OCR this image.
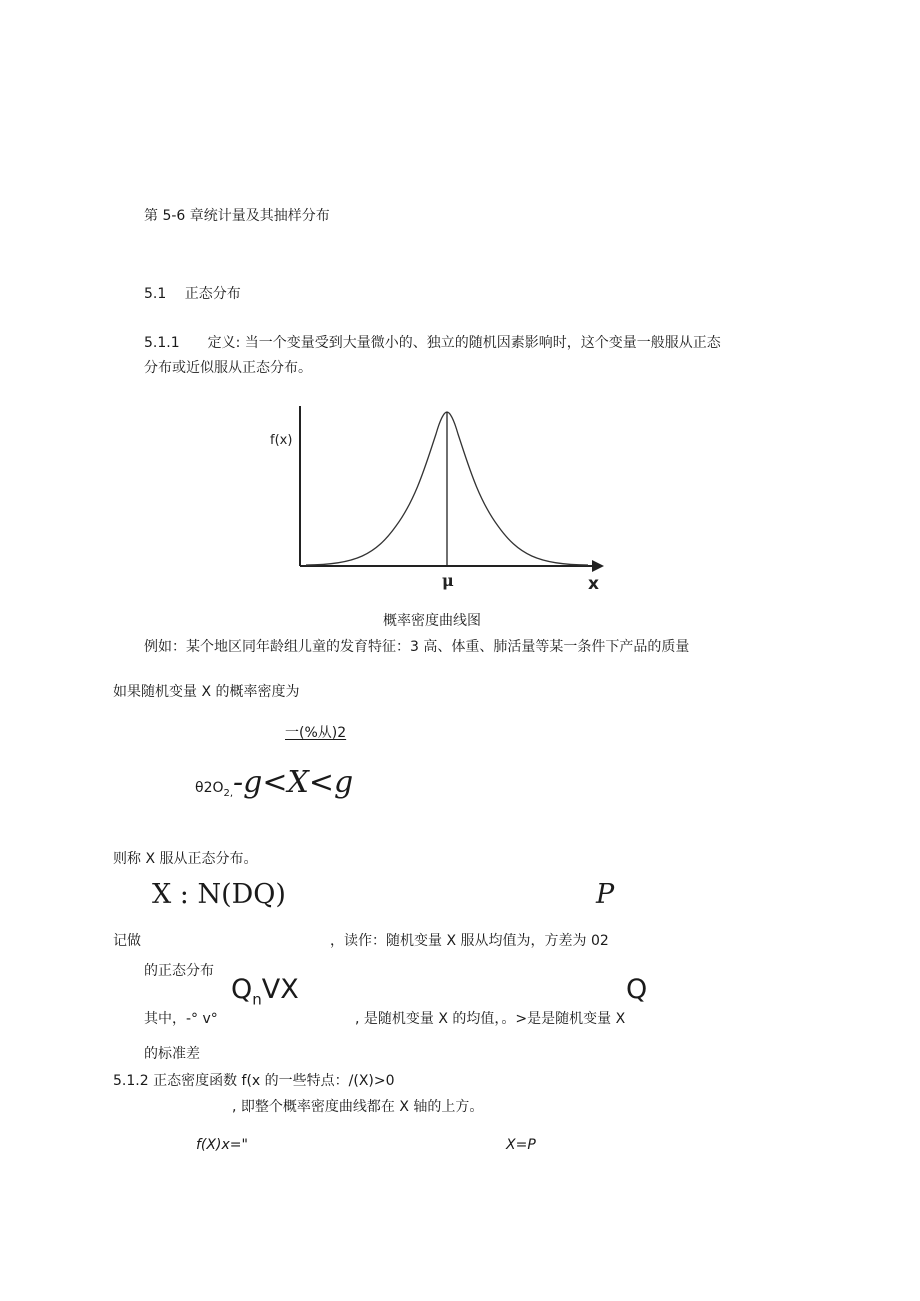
第 5-6 章统计量及其抽样分布
5.1　 正态分布
5.1.1　　定义: 当一个变量受到大量微小的、独立的随机因素影响时，这个变量一般服从正态
分布或近似服从正态分布。
f(x)
μ	x
概率密度曲线图
例如：某个地区同年龄组儿童的发育特征：3 高、体重、肺活量等某一条件下产品的质量
如果随机变量 X 的概率密度为
一(%从)2
$\theta 2O_{2,}-g<X<g$
则称 X 服从正态分布。
X : N(DQ)	P
记做	，读作：随机变量 X 服从均值为，方差为 02
的正态分布
$Q_nVX$	Q
其中，-° v°	, 是随机变量 X 的均值，。>是是随机变量 X
的标准差
5.1.2 正态密度函数 f(x 的一些特点：/(X)>0
, 即整个概率密度曲线都在 X 轴的上方。
f(X)x="	X=P
